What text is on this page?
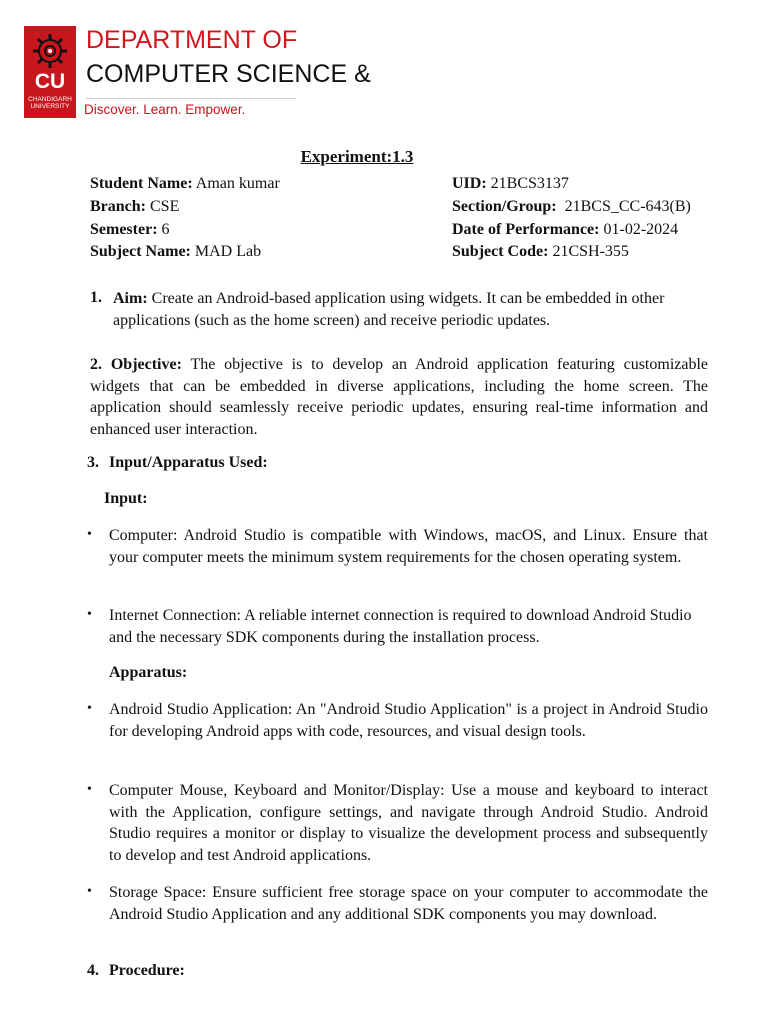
CU
CHANDIGARH UNIVERSITY
DEPARTMENT OF
COMPUTER SCIENCE &
Discover. Learn. Empower.
Experiment:1.3
Student Name: Aman kumar
Branch: CSE
Semester: 6
Subject Name: MAD Lab
UID: 21BCS3137
Section/Group: 21BCS_CC-643(B)
Date of Performance: 01-02-2024
Subject Code: 21CSH-355
1. Aim: Create an Android-based application using widgets. It can be embedded in other applications (such as the home screen) and receive periodic updates.
2. Objective: The objective is to develop an Android application featuring customizable widgets that can be embedded in diverse applications, including the home screen. The application should seamlessly receive periodic updates, ensuring real-time information and enhanced user interaction.
3. Input/Apparatus Used:
Input:
• Computer: Android Studio is compatible with Windows, macOS, and Linux. Ensure that your computer meets the minimum system requirements for the chosen operating system.
• Internet Connection: A reliable internet connection is required to download Android Studio and the necessary SDK components during the installation process.
Apparatus:
• Android Studio Application: An "Android Studio Application" is a project in Android Studio for developing Android apps with code, resources, and visual design tools.
• Computer Mouse, Keyboard and Monitor/Display: Use a mouse and keyboard to interact with the Application, configure settings, and navigate through Android Studio. Android Studio requires a monitor or display to visualize the development process and subsequently to develop and test Android applications.
• Storage Space: Ensure sufficient free storage space on your computer to accommodate the Android Studio Application and any additional SDK components you may download.
4. Procedure:
